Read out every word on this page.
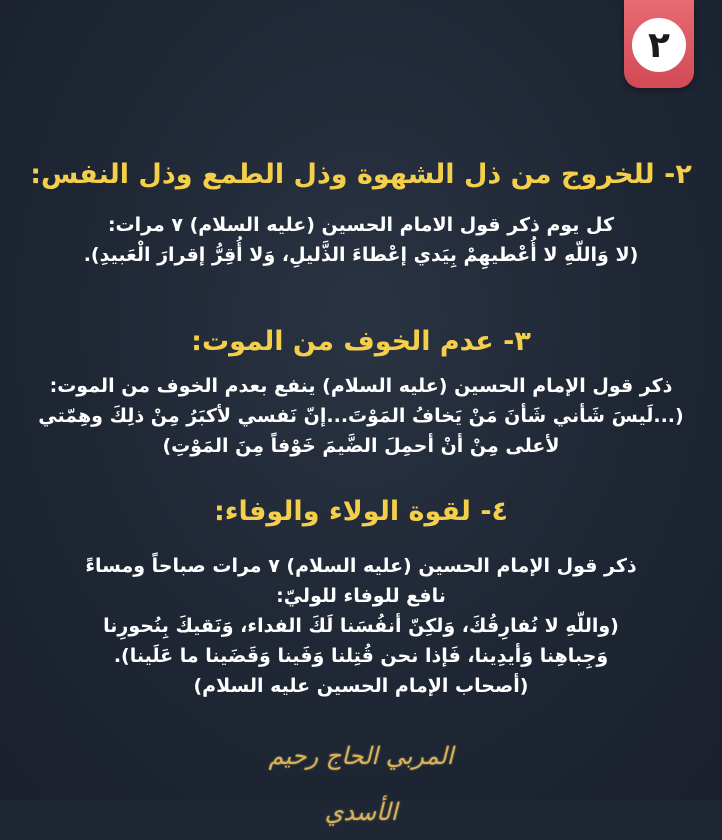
٢
٢- للخروج من ذل الشهوة وذل الطمع وذل النفس:
كل يوم ذكر قول الامام الحسين (عليه السلام) ٧ مرات:
(لا وَاللّهِ لا أُعْطيهِمْ بِيَدي إعْطاءَ الذَّليلِ، وَلا أُقِرُّ إقرارَ الْعَبيدِ).
٣- عدم الخوف من الموت:
ذكر قول الإمام الحسين (عليه السلام) ينفع بعدم الخوف من الموت:
(...لَيسَ شَأني شَأنَ مَنْ يَخافُ المَوْتَ...إنّ نَفسي لأكبَرُ مِنْ ذلِكَ وهِمّتي
لأعلى مِنْ أنْ أحمِلَ الضَّيمَ خَوْفاً مِنَ المَوْتِ)
٤- لقوة الولاء والوفاء:
ذكر قول الإمام الحسين (عليه السلام) ٧ مرات صباحاً ومساءً
نافع للوفاء للوليّ:
(واللّهِ لا نُفارِقُكَ، وَلكِنّ أنفُسَنا لَكَ الفداء، وَنَقيكَ بِنُحورِنا
وَجِباهِنا وَأيدِينا، فَإذا نحن قُتِلنا وَفَينا وَقَضَينا ما عَلَينا).
(أصحاب الإمام الحسين عليه السلام)
المربي الحاج رحيم الأسدي
